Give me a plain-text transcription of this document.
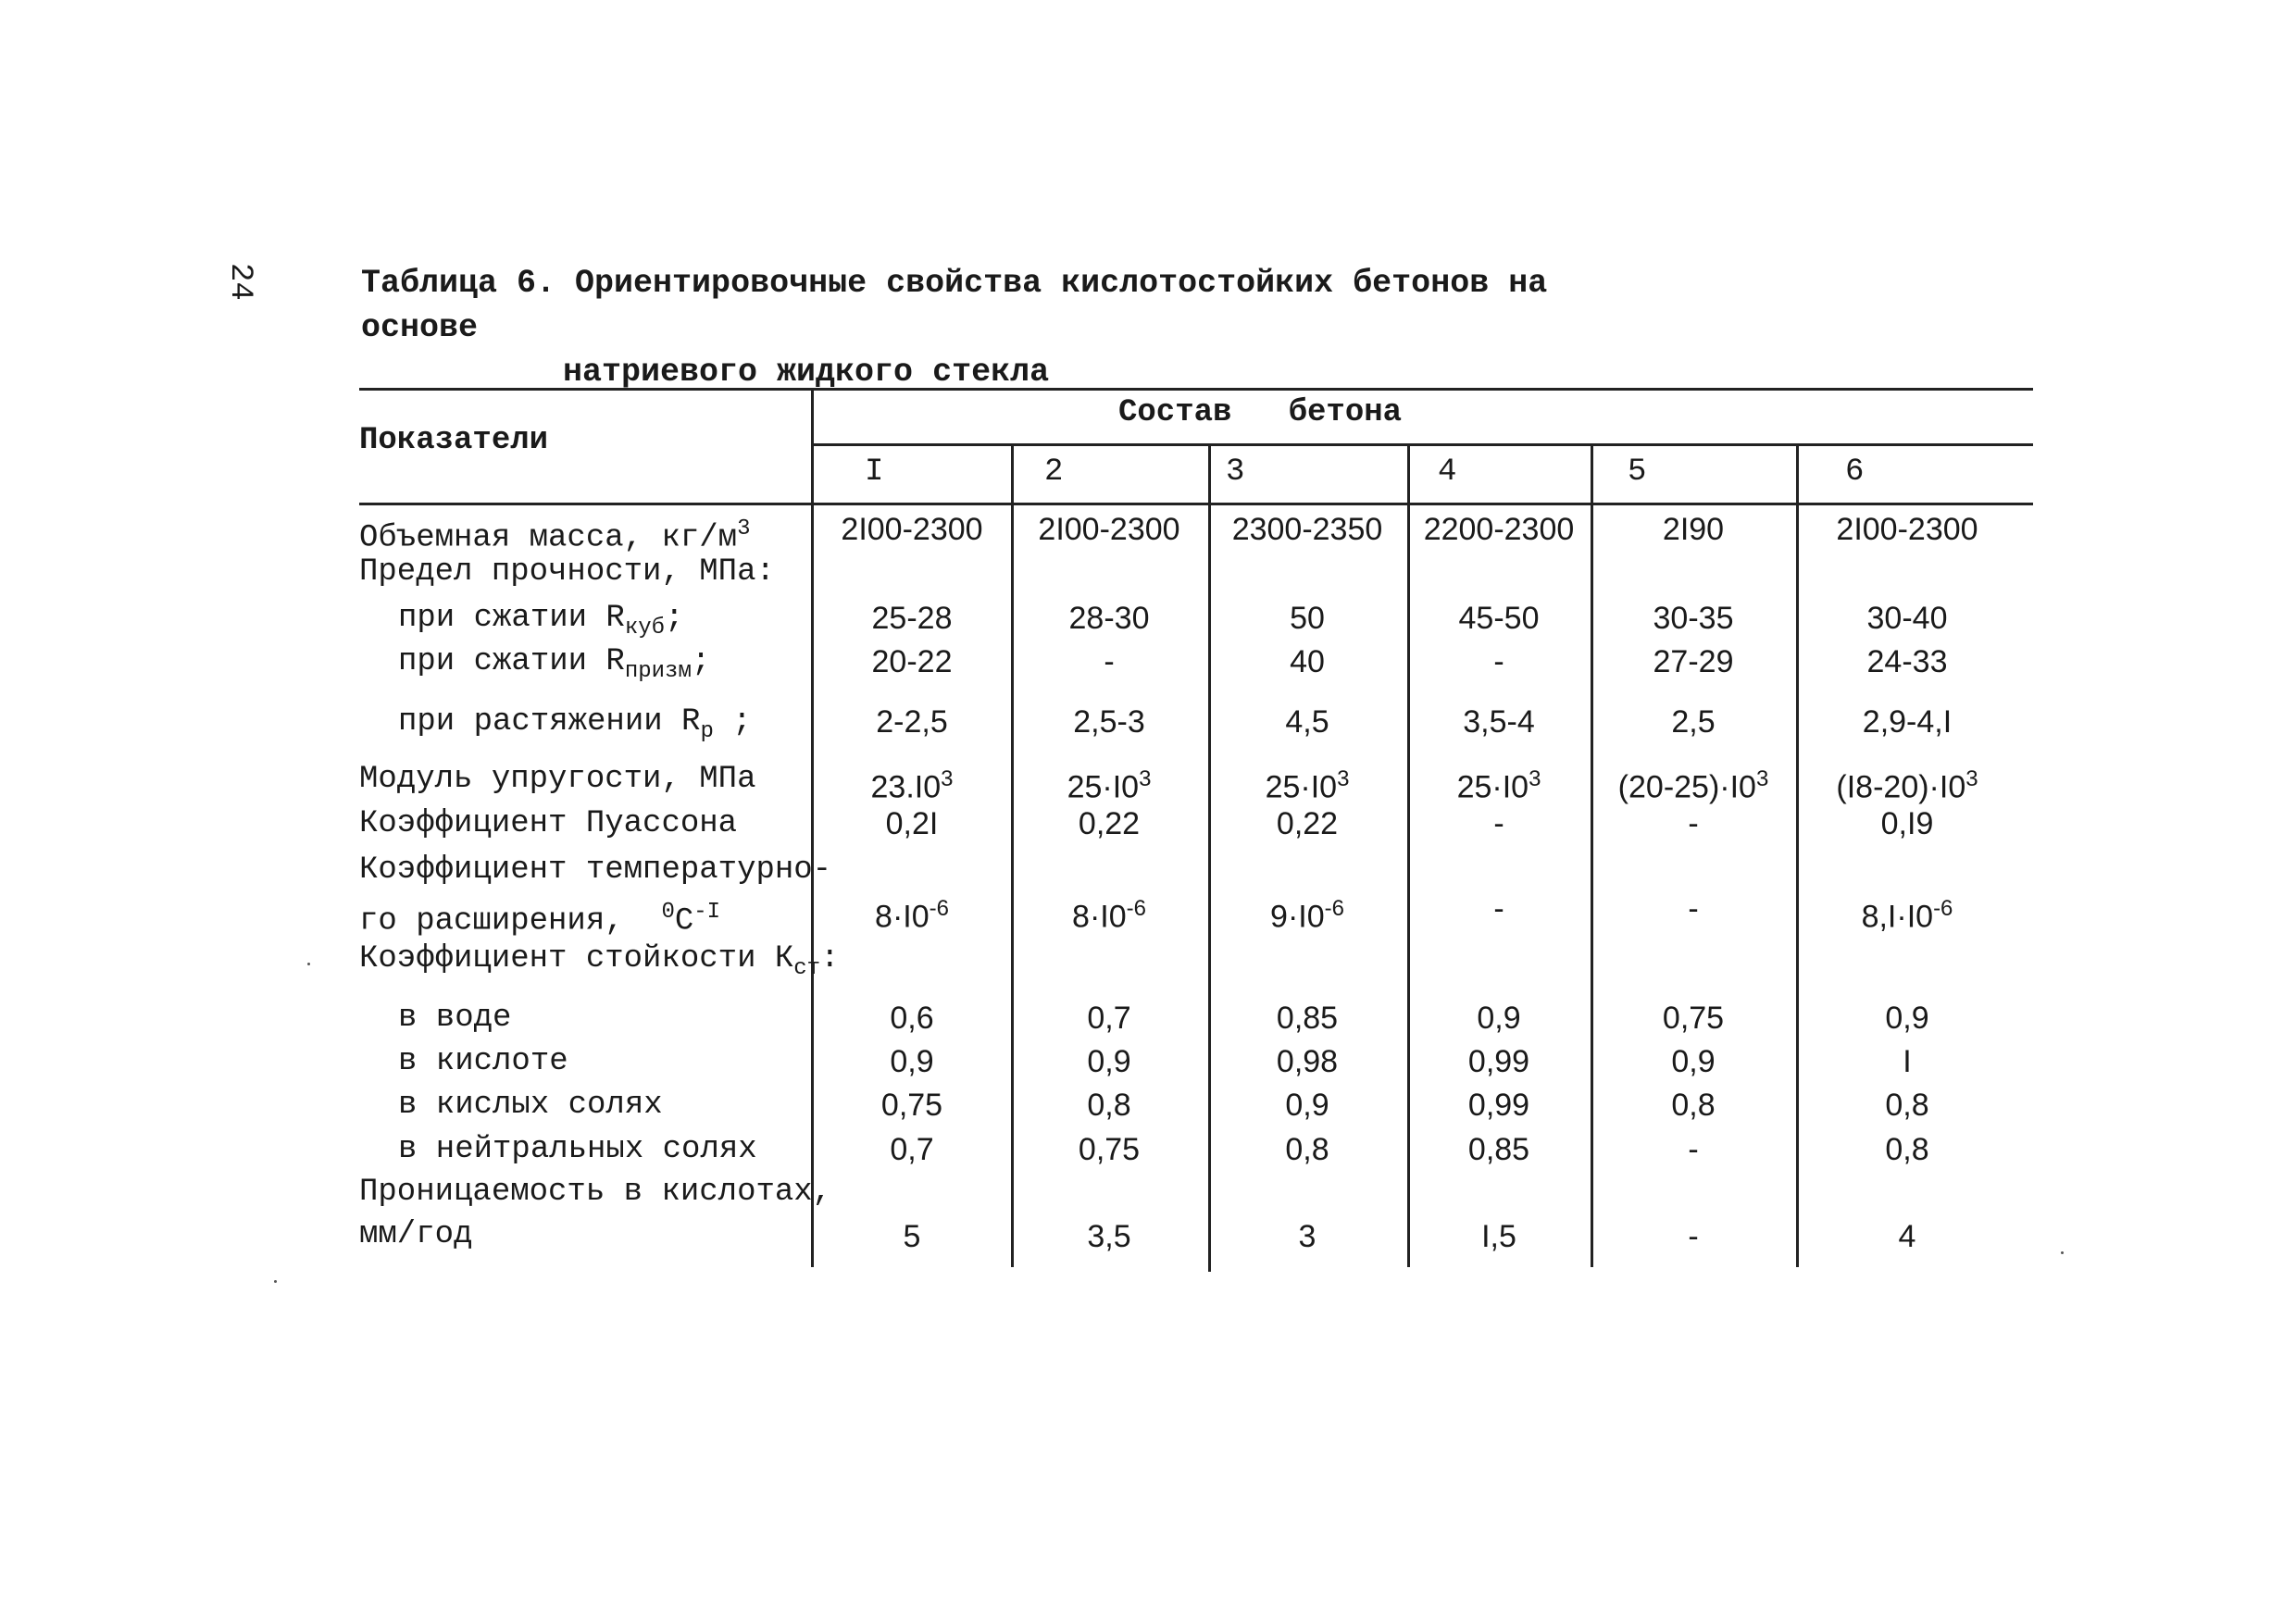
24	Таблица 6. Ориентировочные свойства кислотостойких бетонов на основе
натриевого жидкого стекла
Показатели
Состав   бетона
I	2	3	4	5	6
Объемная масса, $кг/м^3$	2I00-2300	2I00-2300	2300-2350	2200-2300	2I90	2I00-2300
Предел прочности, МПа:
при сжатии $R_{куб}$;	25-28	28-30	50	45-50	30-35	30-40
при сжатии $R_{призм}$;	20-22	-	40	-	27-29	24-33
при растяжении $R_р$ ;	2-2,5	2,5-3	4,5	3,5-4	2,5	2,9-4,I
Модуль упругости, МПа	$23.I0^3$	$25\cdot I0^3$	$25\cdot I0^3$	$25\cdot I0^3$	$(20-25)\cdot I0^3$	$(I8-20)\cdot I0^3$
Коэффициент Пуассона	0,2I	0,22	0,22	-	-	0,I9
Коэффициент температурно-
го расширения, $^0С^{-I}$	$8\cdot I0^{-6}$	$8\cdot I0^{-6}$	$9\cdot I0^{-6}$	-	-	$8,I\cdot I0^{-6}$
Коэффициент стойкости $К_{ст}$:
в воде	0,6	0,7	0,85	0,9	0,75	0,9
в кислоте	0,9	0,9	0,98	0,99	0,9	I
в кислых солях	0,75	0,8	0,9	0,99	0,8	0,8
в нейтральных солях	0,7	0,75	0,8	0,85	-	0,8
Проницаемость в кислотах,
мм/год	5	3,5	3	I,5	-	4
